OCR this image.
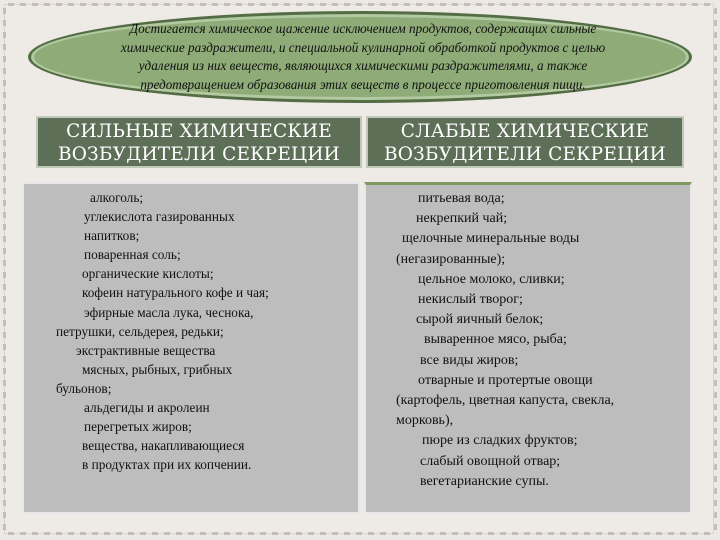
Достигается химическое щажение исключением продуктов, содержащих сильные
химические раздражители, и специальной кулинарной обработкой продуктов с целью
удаления из них веществ, являющихся химическими раздражителями, а также
предотвращением образования этих веществ в процессе приготовления пищи.

СИЛЬНЫЕ ХИМИЧЕСКИЕ
ВОЗБУДИТЕЛИ СЕКРЕЦИИ
СЛАБЫЕ ХИМИЧЕСКИЕ
ВОЗБУДИТЕЛИ СЕКРЕЦИИ
алкоголь;
углекислота газированных
напитков;
поваренная соль;
органические кислоты;
кофеин натурального кофе и чая;
эфирные масла лука, чеснока,
петрушки, сельдерея, редьки;
экстрактивные вещества
мясных, рыбных, грибных
бульонов;
альдегиды и акролеин
перегретых жиров;
вещества, накапливающиеся
в продуктах при их копчении.
питьевая вода;
некрепкий чай;
щелочные минеральные воды
(негазированные);
цельное молоко, сливки;
некислый творог;
сырой яичный белок;
вываренное мясо, рыба;
все виды жиров;
отварные и протертые овощи
(картофель, цветная капуста, свекла,
морковь),
пюре из сладких фруктов;
слабый овощной отвар;
вегетарианские супы.
